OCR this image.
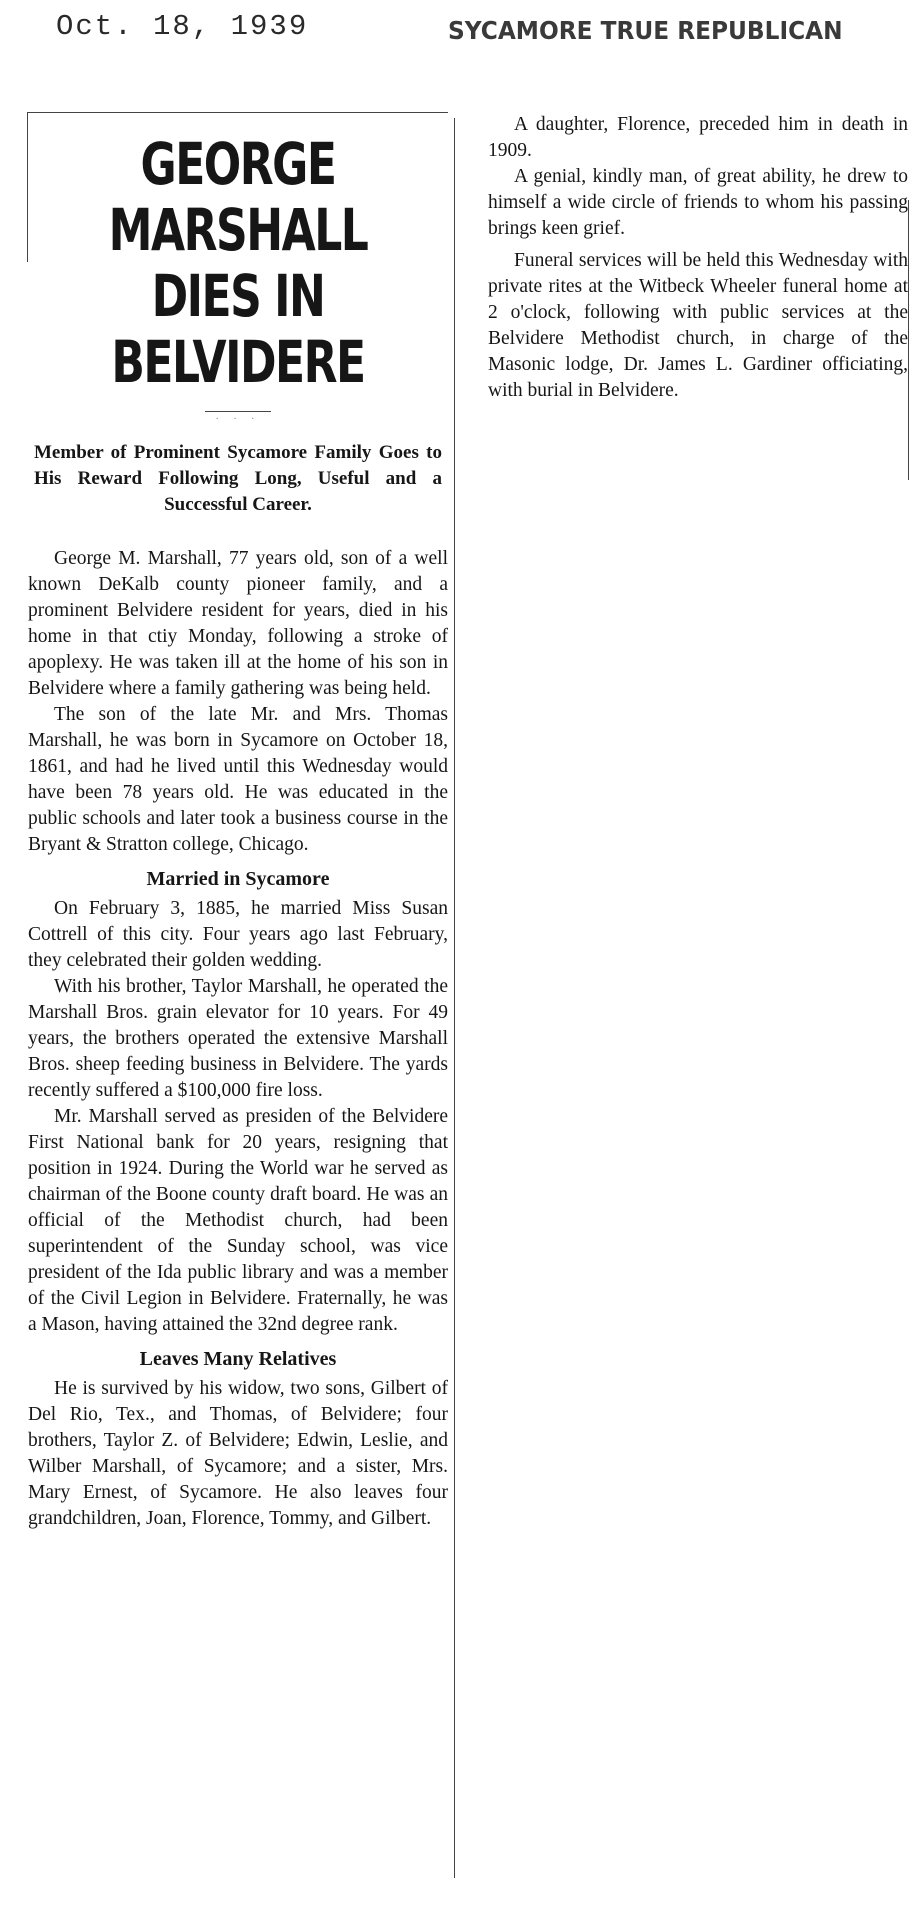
Oct. 18, 1939	SYCAMORE TRUE REPUBLICAN
GEORGE MARSHALL
DIES IN BELVIDERE
· · ·

Member of Prominent Sycamore Family Goes to His Reward Following Long, Useful and a Successful Career.

George M. Marshall, 77 years old, son of a well known DeKalb county pioneer family, and a prominent Belvidere resident for years, died in his home in that ctiy Monday, following a stroke of apoplexy. He was taken ill at the home of his son in Belvidere where a family gathering was being held.

The son of the late Mr. and Mrs. Thomas Marshall, he was born in Sycamore on October 18, 1861, and had he lived until this Wednesday would have been 78 years old. He was educated in the public schools and later took a business course in the Bryant & Stratton college, Chicago.

Married in Sycamore

On February 3, 1885, he married Miss Susan Cottrell of this city. Four years ago last February, they celebrated their golden wedding.

With his brother, Taylor Marshall, he operated the Marshall Bros. grain elevator for 10 years. For 49 years, the brothers operated the extensive Marshall Bros. sheep feeding business in Belvidere. The yards recently suffered a $100,000 fire loss.

Mr. Marshall served as presiden of the Belvidere First National bank for 20 years, resigning that position in 1924. During the World war he served as chairman of the Boone county draft board. He was an official of the Methodist church, had been superintendent of the Sunday school, was vice president of the Ida public library and was a member of the Civil Legion in Belvidere. Fraternally, he was a Mason, having attained the 32nd degree rank.

Leaves Many Relatives

He is survived by his widow, two sons, Gilbert of Del Rio, Tex., and Thomas, of Belvidere; four brothers, Taylor Z. of Belvidere; Edwin, Leslie, and Wilber Marshall, of Sycamore; and a sister, Mrs. Mary Ernest, of Sycamore. He also leaves four grandchildren, Joan, Florence, Tommy, and Gilbert.

A daughter, Florence, preceded him in death in 1909.

A genial, kindly man, of great ability, he drew to himself a wide circle of friends to whom his passing brings keen grief.

Funeral services will be held this Wednesday with private rites at the Witbeck Wheeler funeral home at 2 o'clock, following with public services at the Belvidere Methodist church, in charge of the Masonic lodge, Dr. James L. Gardiner officiating, with burial in Belvidere.
